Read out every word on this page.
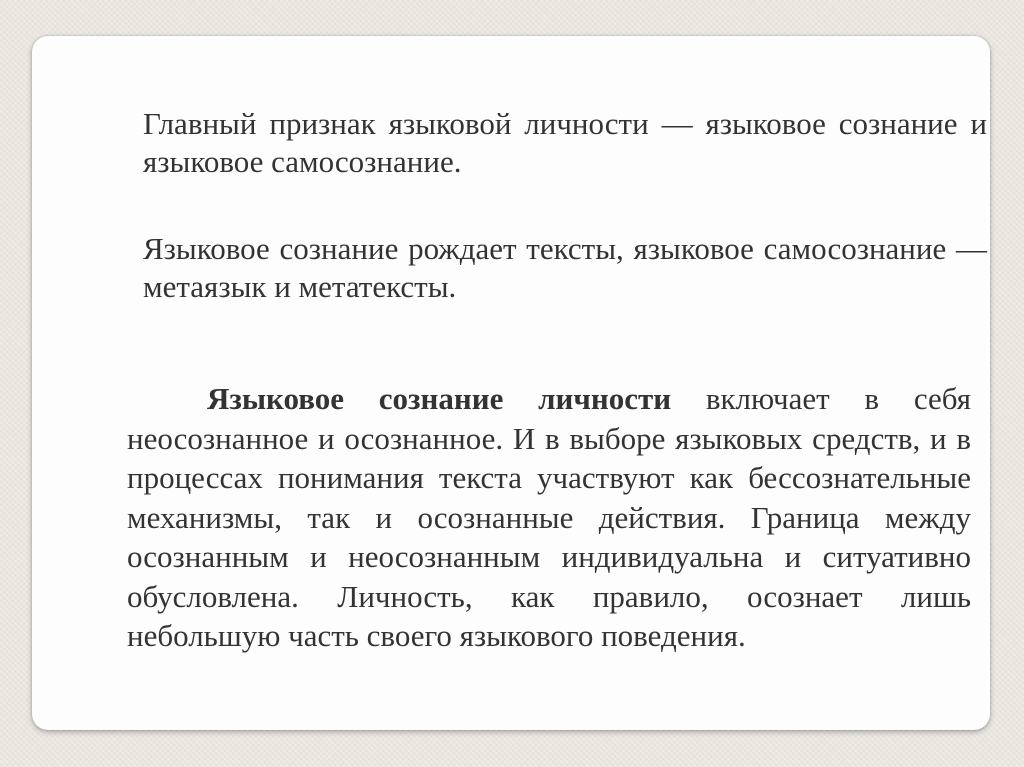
Главный признак языковой личности — языковое сознание и языковое самосознание.

Языковое сознание рождает тексты, языковое самосознание — метаязык и метатексты.

Языковое сознание личности включает в себя неосознанное и осознанное. И в выборе языковых средств, и в процессах понимания текста участвуют как бессознательные механизмы, так и осознанные действия. Граница между осознанным и неосознанным индивидуальна и ситуативно обусловлена. Личность, как правило, осознает лишь небольшую часть своего языкового поведения.
